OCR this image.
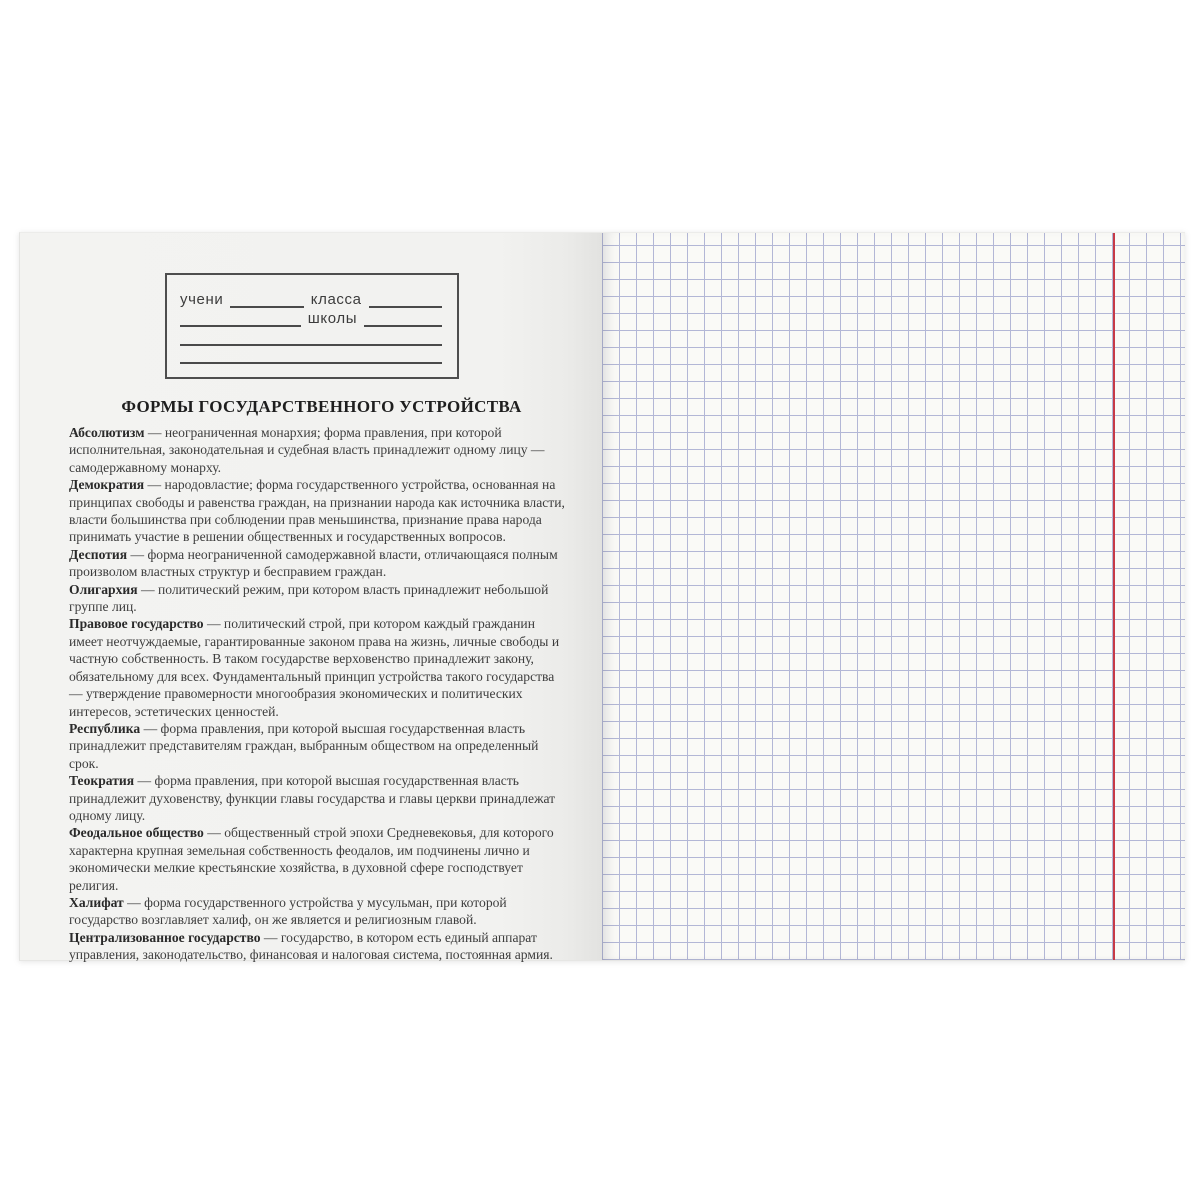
учени	класса
школы
ФОРМЫ ГОСУДАРСТВЕННОГО УСТРОЙСТВА

Абсолютизм — неограниченная монархия; форма правления, при которой исполнительная, законодательная и судебная власть принадлежит одному лицу — самодержавному монарху.

Демократия — народовластие; форма государственного устройства, основанная на принципах свободы и равенства граждан, на признании народа как источника власти, власти большинства при соблюдении прав меньшинства, признание права народа принимать участие в решении общественных и государственных вопросов.

Деспотия — форма неограниченной самодержавной власти, отличающаяся полным произволом властных структур и бесправием граждан.

Олигархия — политический режим, при котором власть принадлежит небольшой группе лиц.

Правовое государство — политический строй, при котором каждый гражданин имеет неотчуждаемые, гарантированные законом права на жизнь, личные свободы и частную собственность. В таком государстве верховенство принадлежит закону, обязательному для всех. Фундаментальный принцип устройства такого государства — утверждение правомерности многообразия экономических и политических интересов, эстетических ценностей.

Республика — форма правления, при которой высшая государственная власть принадлежит представителям граждан, выбранным обществом на определенный срок.

Теократия — форма правления, при которой высшая государственная власть принадлежит духовенству, функции главы государства и главы церкви принадлежат одному лицу.

Феодальное общество — общественный строй эпохи Средневековья, для которого характерна крупная земельная собственность феодалов, им подчинены лично и экономически мелкие крестьянские хозяйства, в духовной сфере господствует религия.

Халифат — форма государственного устройства у мусульман, при которой государство возглавляет халиф, он же является и религиозным главой.

Централизованное государство — государство, в котором есть единый аппарат управления, законодательство, финансовая и налоговая система, постоянная армия.
